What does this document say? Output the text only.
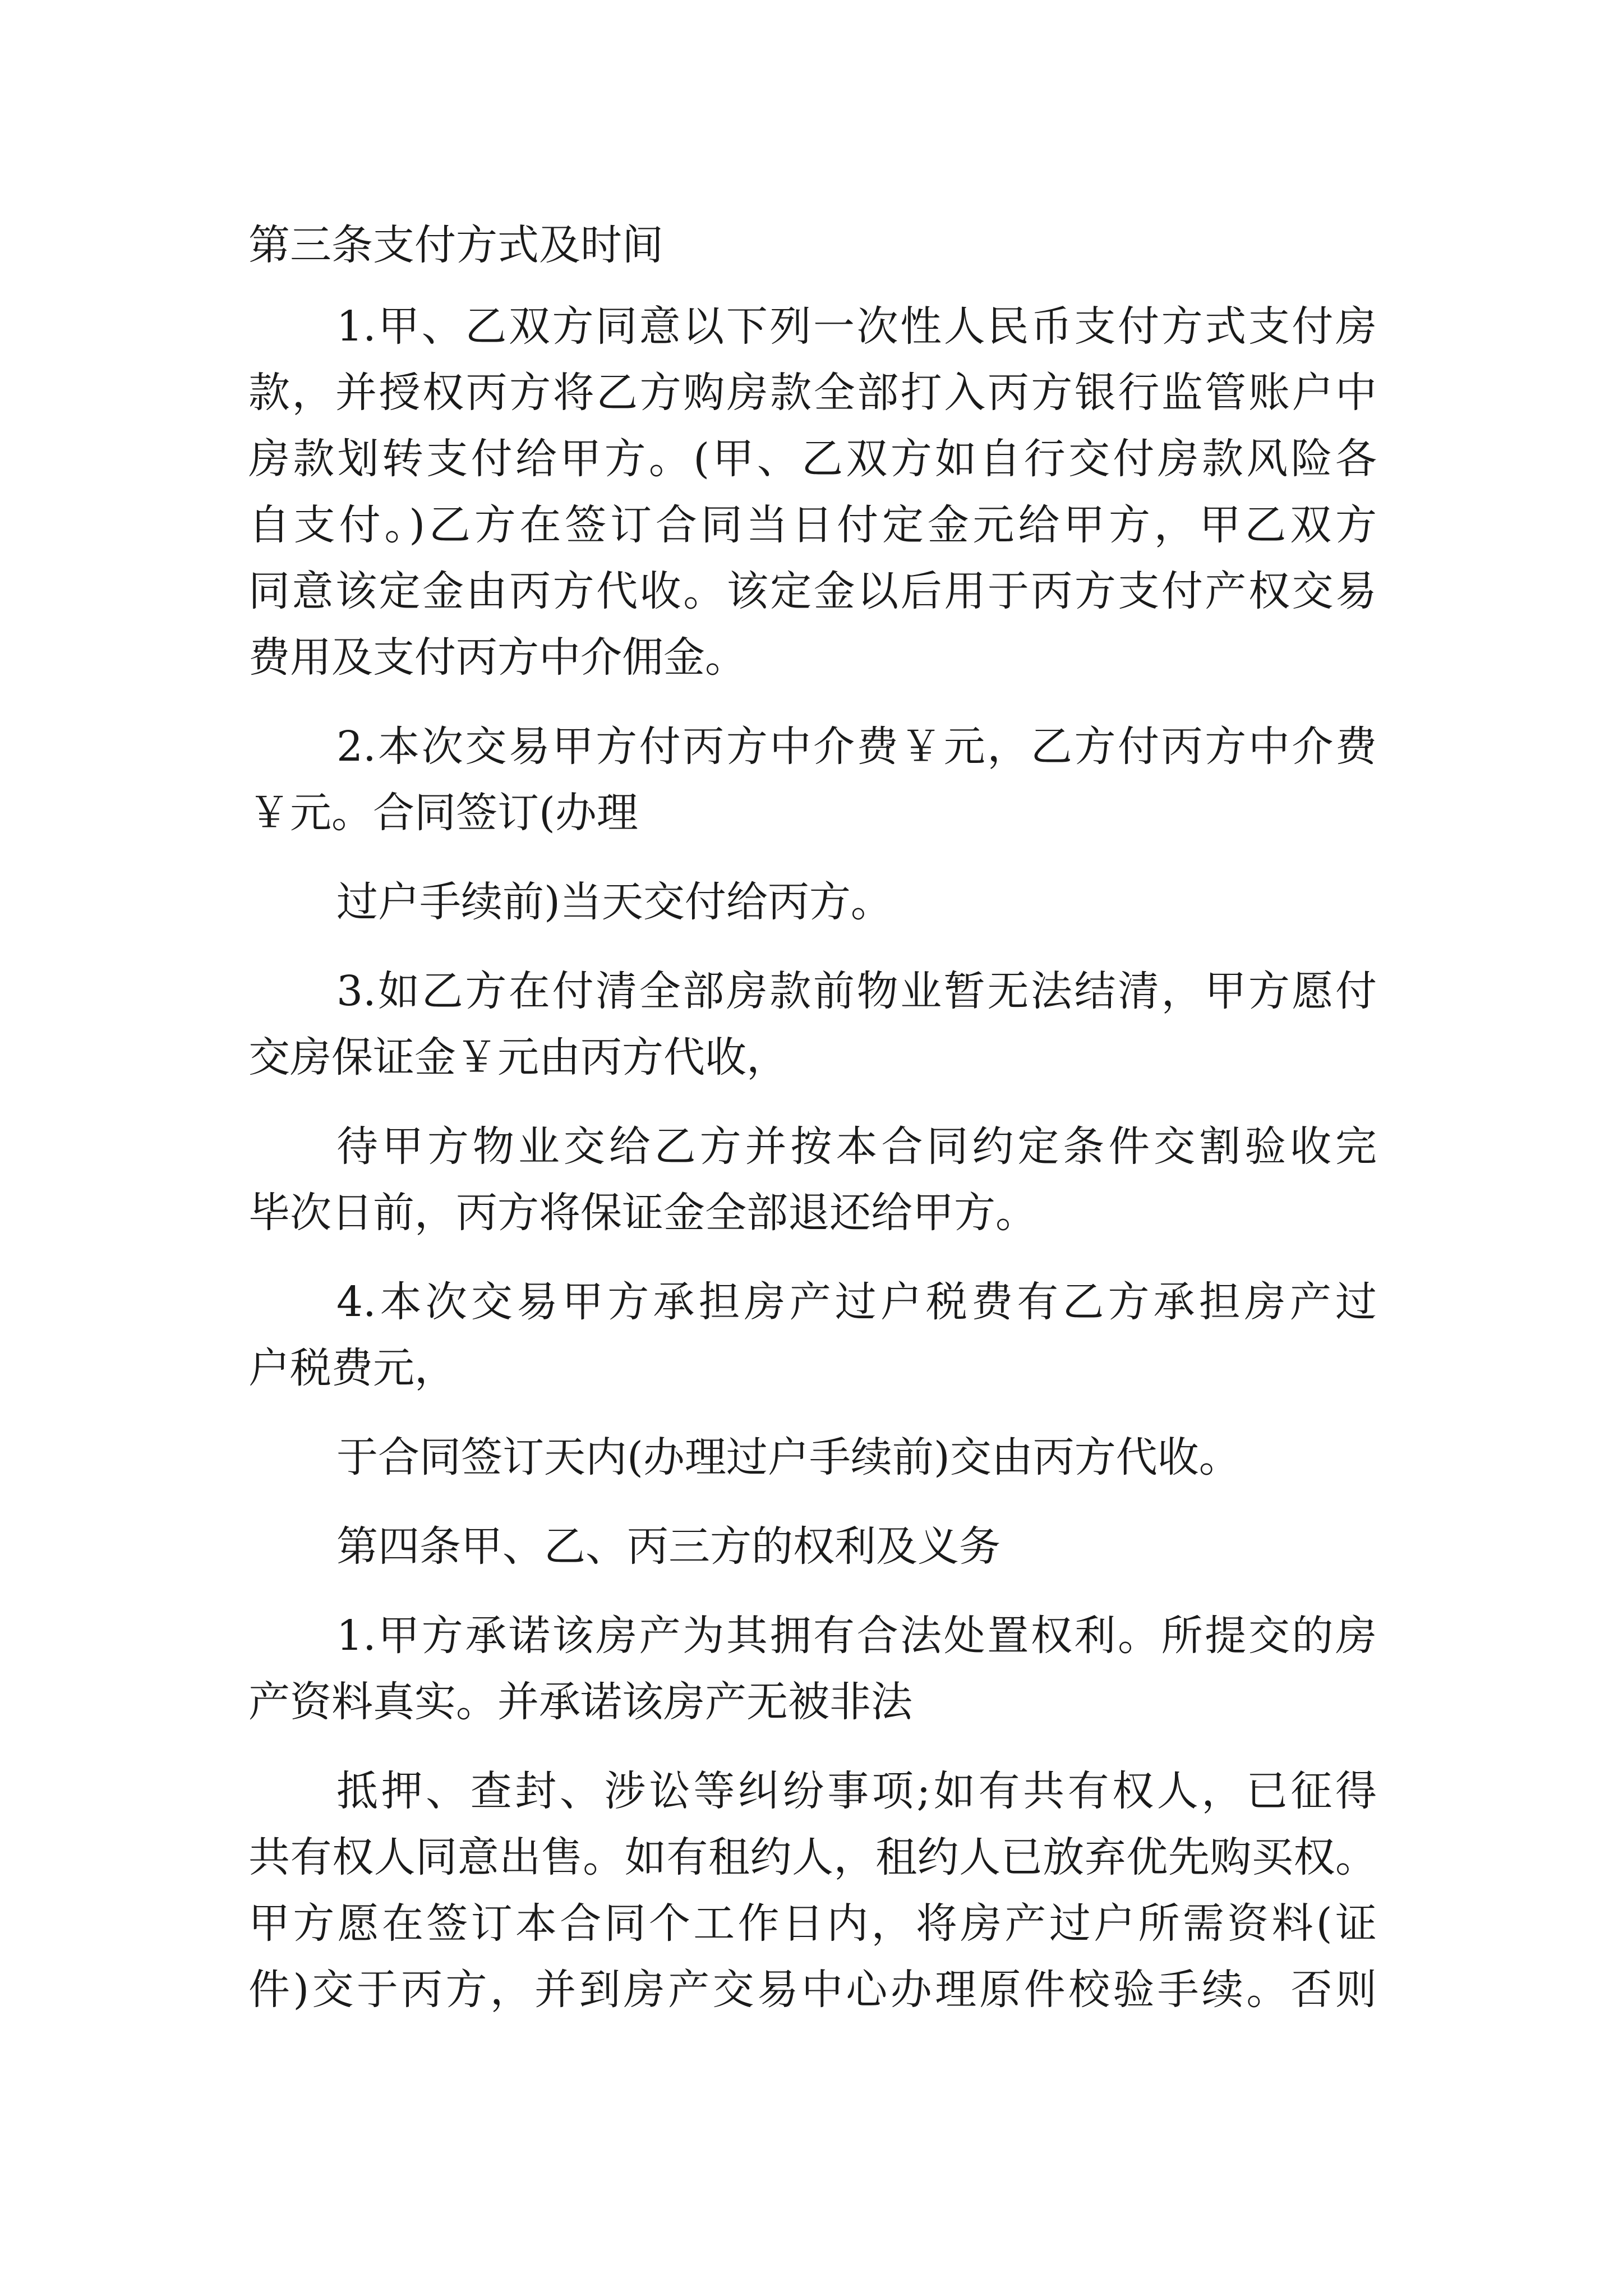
第三条支付方式及时间

1.甲、乙双方同意以下列一次性人民币支付方式支付房

款，并授权丙方将乙方购房款全部打入丙方银行监管账户中

房款划转支付给甲方。(甲、乙双方如自行交付房款风险各

自支付。)乙方在签订合同当日付定金元给甲方，甲乙双方

同意该定金由丙方代收。该定金以后用于丙方支付产权交易

费用及支付丙方中介佣金。

2.本次交易甲方付丙方中介费￥元，乙方付丙方中介费

￥元。合同签订(办理

过户手续前)当天交付给丙方。

3.如乙方在付清全部房款前物业暂无法结清，甲方愿付

交房保证金￥元由丙方代收，

待甲方物业交给乙方并按本合同约定条件交割验收完

毕次日前，丙方将保证金全部退还给甲方。

4.本次交易甲方承担房产过户税费有乙方承担房产过

户税费元，

于合同签订天内(办理过户手续前)交由丙方代收。

第四条甲、乙、丙三方的权利及义务

1.甲方承诺该房产为其拥有合法处置权利。所提交的房

产资料真实。并承诺该房产无被非法

抵押、查封、涉讼等纠纷事项;如有共有权人，已征得

共有权人同意出售。如有租约人，租约人已放弃优先购买权。

甲方愿在签订本合同个工作日内，将房产过户所需资料(证

件)交于丙方，并到房产交易中心办理原件校验手续。否则
